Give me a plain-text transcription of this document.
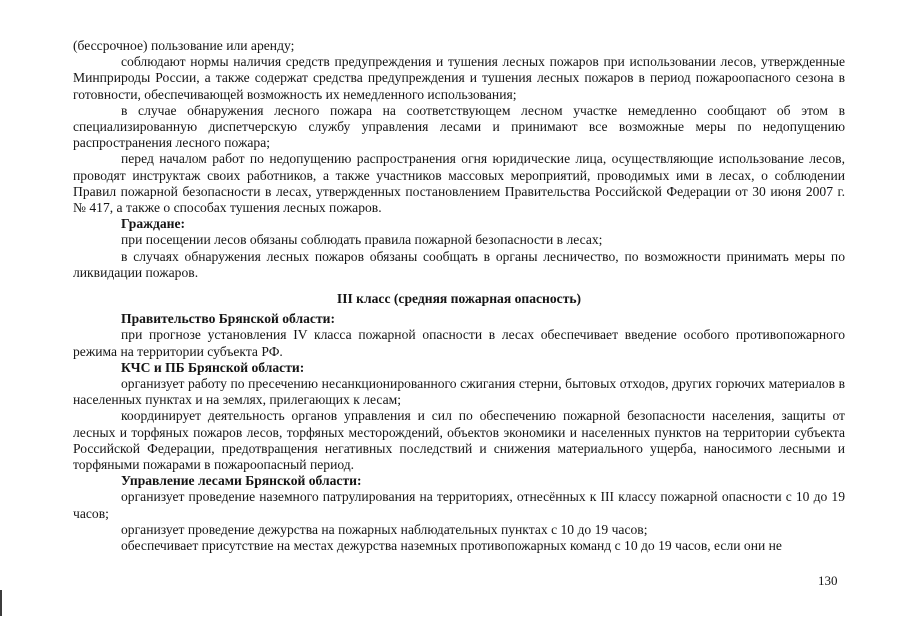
(бессрочное) пользование или аренду;

соблюдают нормы наличия средств предупреждения и тушения лесных пожаров при использовании лесов, утвержденные Минприроды России, а также содержат средства предупреждения и тушения лесных пожаров в период пожароопасного сезона в готовности, обеспечивающей возможность их немедленного использования;

в случае обнаружения лесного пожара на соответствующем лесном участке немедленно сообщают об этом в специализированную диспетчерскую службу управления лесами и принимают все возможные меры по недопущению распространения лесного пожара;

перед началом работ по недопущению распространения огня юридические лица, осуществляющие использование лесов, проводят инструктаж своих работников, а также участников массовых мероприятий, проводимых ими в лесах, о соблюдении Правил пожарной безопасности в лесах, утвержденных постановлением Правительства Российской Федерации от 30 июня 2007 г. № 417, а также о способах тушения лесных пожаров.

Граждане:

при посещении лесов обязаны соблюдать правила пожарной безопасности в лесах;

в случаях обнаружения лесных пожаров обязаны сообщать в органы лесничество, по возможности принимать меры по ликвидации пожаров.

III класс (средняя пожарная опасность)

Правительство Брянской области:

при прогнозе установления IV класса пожарной опасности в лесах обеспечивает введение особого противопожарного режима на территории субъекта РФ.

КЧС и ПБ Брянской области:

организует работу по пресечению несанкционированного сжигания стерни, бытовых отходов, других горючих материалов в населенных пунктах и на землях, прилегающих к лесам;

координирует деятельность органов управления и сил по обеспечению пожарной безопасности населения, защиты от лесных и торфяных пожаров лесов, торфяных месторождений, объектов экономики и населенных пунктов на территории субъекта Российской Федерации, предотвращения негативных последствий и снижения материального ущерба, наносимого лесными и торфяными пожарами в пожароопасный период.

Управление лесами Брянской области:

организует проведение наземного патрулирования на территориях, отнесённых к III классу пожарной опасности с 10 до 19 часов;

организует проведение дежурства на пожарных наблюдательных пунктах с 10 до 19 часов;

обеспечивает присутствие на местах дежурства наземных противопожарных команд с 10 до 19 часов, если они не

130
